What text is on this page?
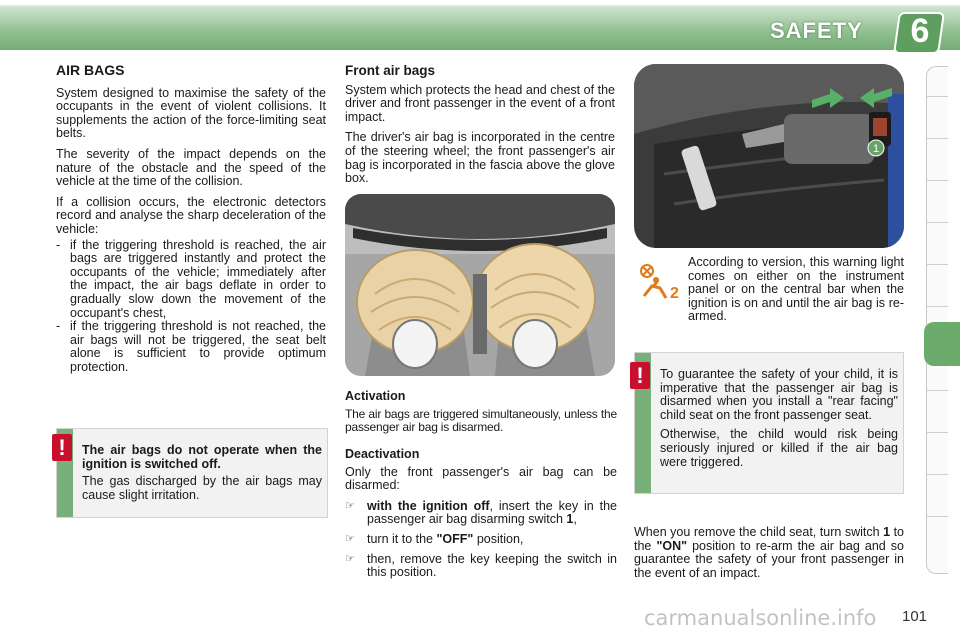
SAFETY 6
AIR BAGS

System designed to maximise the safety of the occupants in the event of violent collisions. It supplements the action of the force-limiting seat belts.

The severity of the impact depends on the nature of the obstacle and the speed of the vehicle at the time of the collision.

If a collision occurs, the electronic detectors record and analyse the sharp deceleration of the vehicle:

- if the triggering threshold is reached, the air bags are triggered instantly and protect the occupants of the vehicle; immediately after the impact, the air bags deflate in order to gradually slow down the movement of the occupant's chest,
- if the triggering threshold is not reached, the air bags will not be triggered, the seat belt alone is sufficient to provide optimum protection.
!	The air bags do not operate when the ignition is switched off.

The gas discharged by the air bags may cause slight irritation.

Front air bags

System which protects the head and chest of the driver and front passenger in the event of a front impact.

The driver's air bag is incorporated in the centre of the steering wheel; the front passenger's air bag is incorporated in the fascia above the glove box.

Activation

The air bags are triggered simultaneously, unless the passenger air bag is disarmed.

Deactivation

Only the front passenger's air bag can be disarmed:

☞ with the ignition off, insert the key in the passenger air bag disarming switch 1,
☞ turn it to the "OFF" position,
☞ then, remove the key keeping the switch in this position.
1
2

According to version, this warning light comes on either on the instrument panel or on the central bar when the ignition is on and until the air bag is re-armed.

!	To guarantee the safety of your child, it is imperative that the passenger air bag is disarmed when you install a "rear facing" child seat on the front passenger seat.

Otherwise, the child would risk being seriously injured or killed if the air bag were triggered.

When you remove the child seat, turn switch 1 to the "ON" position to re-arm the air bag and so guarantee the safety of your front passenger in the event of an impact.

carmanualsonline.info 101
